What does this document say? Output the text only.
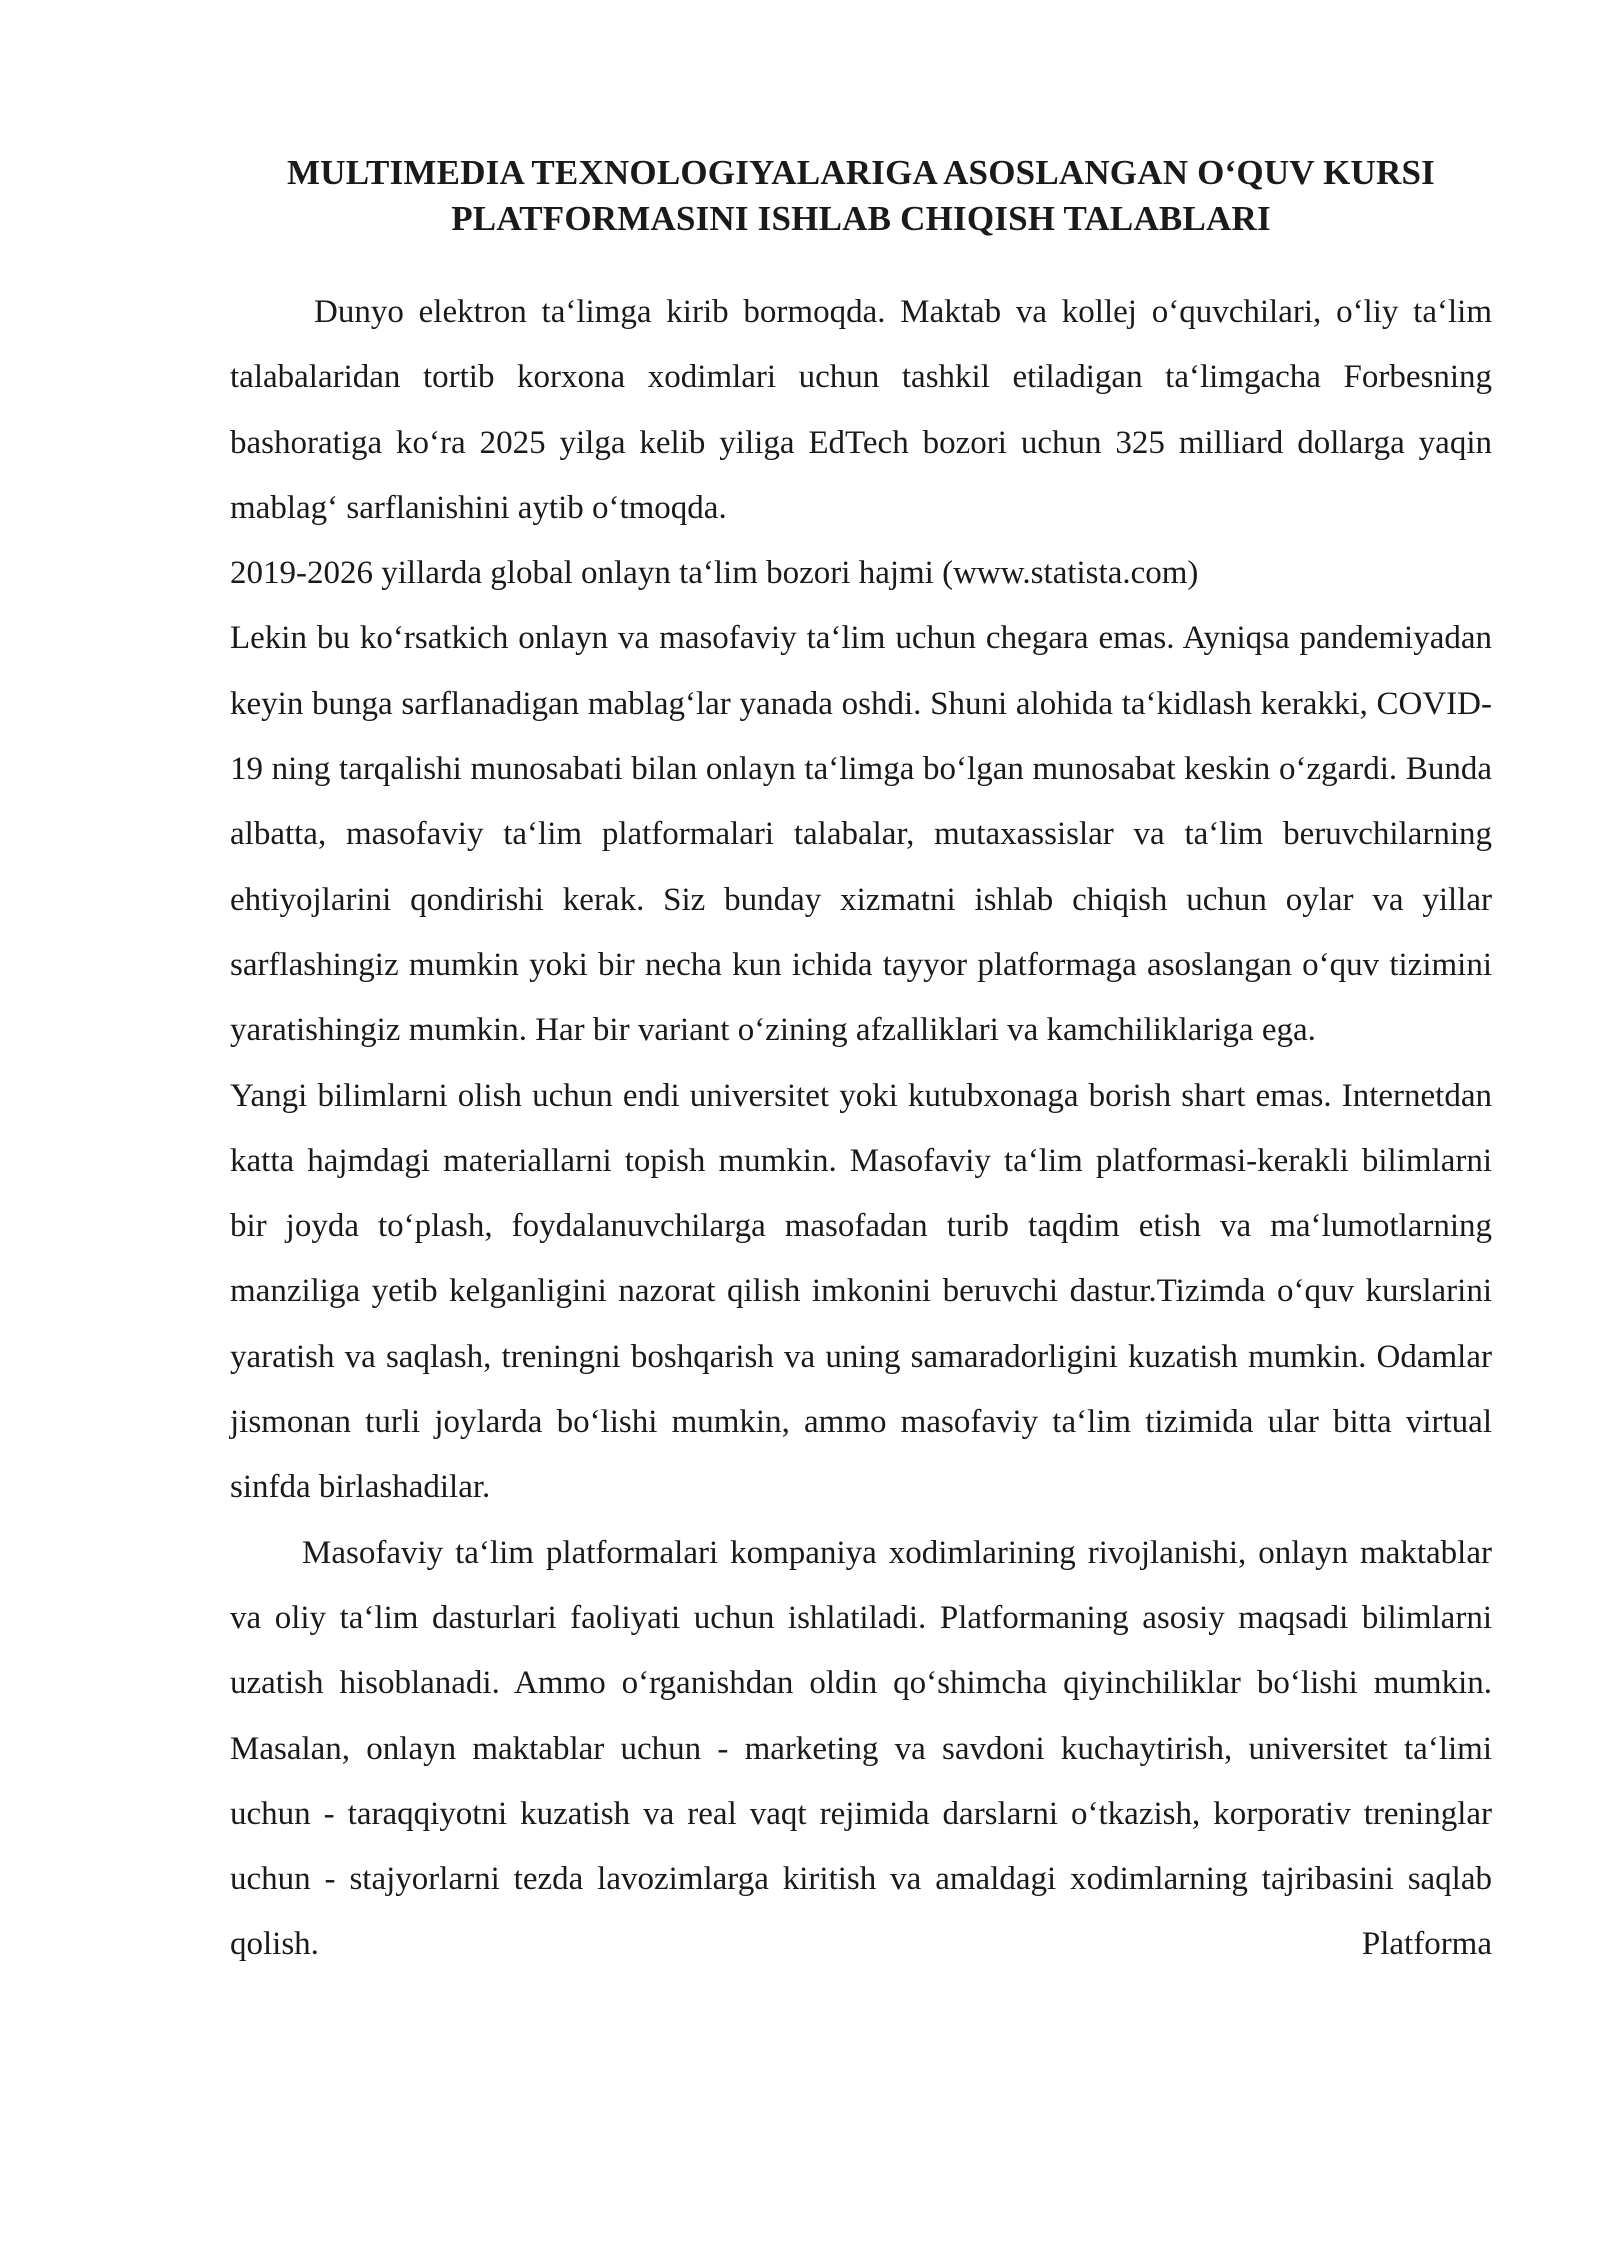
MULTIMEDIA TEXNOLOGIYALARIGA ASOSLANGAN O‘QUV KURSI
PLATFORMASINI ISHLAB CHIQISH TALABLARI

Dunyo elektron ta‘limga kirib bormoqda. Maktab va kollej o‘quvchilari, o‘liy ta‘lim talabalaridan tortib korxona xodimlari uchun tashkil etiladigan ta‘limgacha Forbesning bashoratiga ko‘ra 2025 yilga kelib yiliga EdTech bozori uchun 325 milliard dollarga yaqin mablag‘ sarflanishini aytib o‘tmoqda.

2019-2026 yillarda global onlayn ta‘lim bozori hajmi (www.statista.com)

Lekin bu ko‘rsatkich onlayn va masofaviy ta‘lim uchun chegara emas. Ayniqsa pandemiyadan keyin bunga sarflanadigan mablag‘lar yanada oshdi. Shuni alohida ta‘kidlash kerakki, COVID-19 ning tarqalishi munosabati bilan onlayn ta‘limga bo‘lgan munosabat keskin o‘zgardi. Bunda albatta, masofaviy ta‘lim platformalari talabalar, mutaxassislar va ta‘lim beruvchilarning ehtiyojlarini qondirishi kerak. Siz bunday xizmatni ishlab chiqish uchun oylar va yillar sarflashingiz mumkin yoki bir necha kun ichida tayyor platformaga asoslangan o‘quv tizimini yaratishingiz mumkin. Har bir variant o‘zining afzalliklari va kamchiliklariga ega.

Yangi bilimlarni olish uchun endi universitet yoki kutubxonaga borish shart emas. Internetdan katta hajmdagi materiallarni topish mumkin. Masofaviy ta‘lim platformasi-kerakli bilimlarni bir joyda to‘plash, foydalanuvchilarga masofadan turib taqdim etish va ma‘lumotlarning manziliga yetib kelganligini nazorat qilish imkonini beruvchi dastur.Tizimda o‘quv kurslarini yaratish va saqlash, treningni boshqarish va uning samaradorligini kuzatish mumkin. Odamlar jismonan turli joylarda bo‘lishi mumkin, ammo masofaviy ta‘lim tizimida ular bitta virtual sinfda birlashadilar.

Masofaviy ta‘lim platformalari kompaniya xodimlarining rivojlanishi, onlayn maktablar va oliy ta‘lim dasturlari faoliyati uchun ishlatiladi. Platformaning asosiy maqsadi bilimlarni uzatish hisoblanadi. Ammo o‘rganishdan oldin qo‘shimcha qiyinchiliklar bo‘lishi mumkin. Masalan, onlayn maktablar uchun - marketing va savdoni kuchaytirish, universitet ta‘limi uchun - taraqqiyotni kuzatish va real vaqt rejimida darslarni o‘tkazish, korporativ treninglar uchun - stajyorlarni tezda lavozimlarga kiritish va amaldagi xodimlarning tajribasini saqlab qolish. Platforma
